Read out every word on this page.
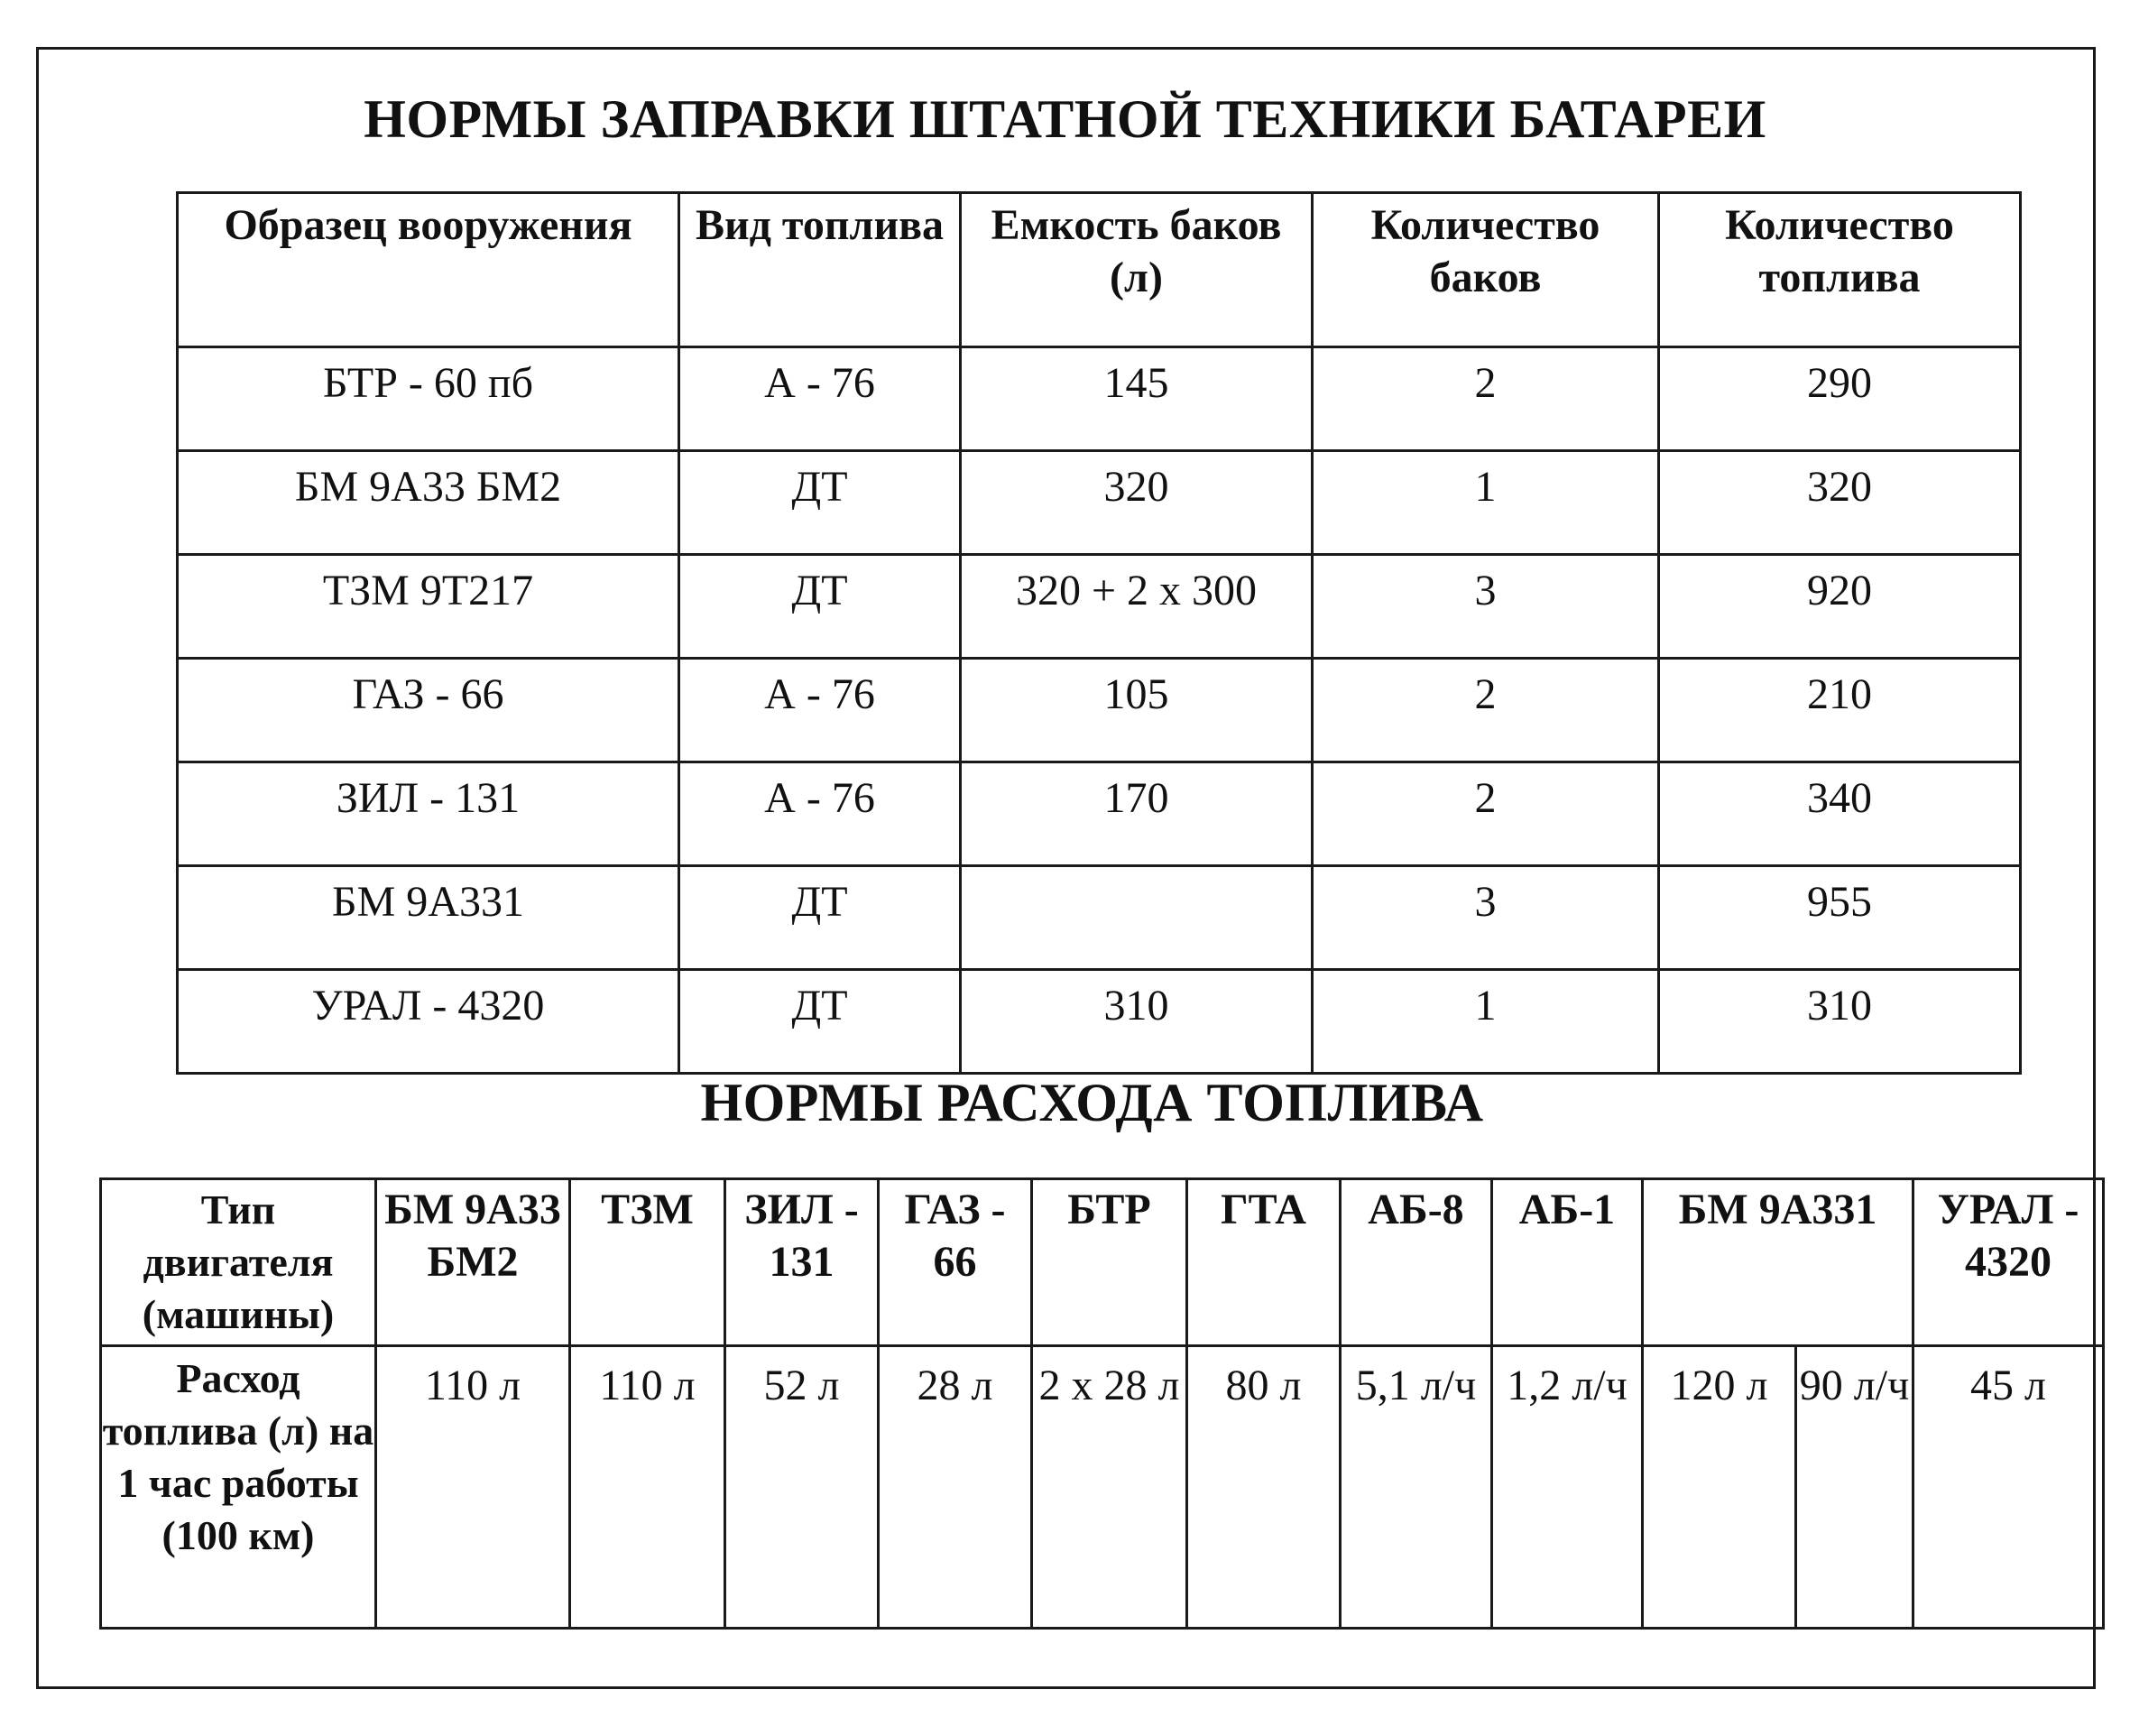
НОРМЫ ЗАПРАВКИ ШТАТНОЙ ТЕХНИКИ БАТАРЕИ
Образец вооружения	Вид топлива	Емкость баков (л)	Количество баков	Количество топлива
БТР - 60 пб	А - 76	145	2	290
БМ 9А33 БМ2	ДТ	320	1	320
ТЗМ 9Т217	ДТ	320 + 2 х 300	3	920
ГАЗ - 66	А - 76	105	2	210
ЗИЛ - 131	А - 76	170	2	340
БМ 9А331	ДТ		3	955
УРАЛ - 4320	ДТ	310	1	310
НОРМЫ РАСХОДА ТОПЛИВА
Тип двигателя (машины)	БМ 9А33 БМ2	ТЗМ	ЗИЛ - 131	ГАЗ - 66	БТР	ГТА	АБ-8	АБ-1	БМ 9А331		УРАЛ - 4320
Расход топлива (л) на 1 час работы (100 км)	110 л	110 л	52 л	28 л	2 х 28 л	80 л	5,1 л/ч	1,2 л/ч	120 л	90 л/ч	45 л
